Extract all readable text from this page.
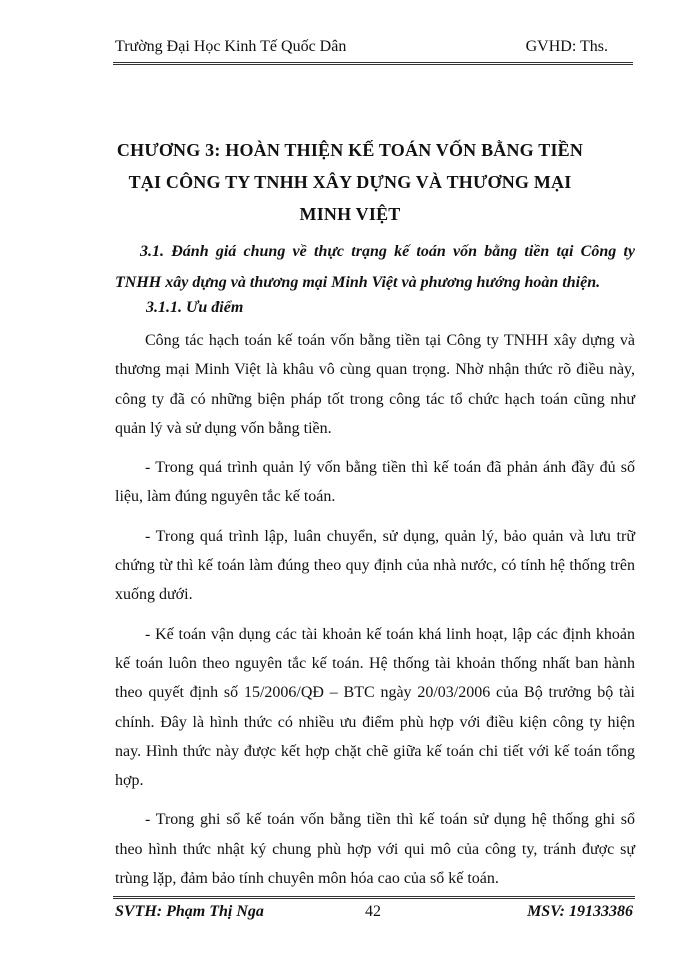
Trường Đại Học Kinh Tế Quốc Dân	GVHD: Ths.
CHƯƠNG 3: HOÀN THIỆN KẾ TOÁN VỐN BẰNG TIỀN
TẠI CÔNG TY TNHH XÂY DỰNG VÀ THƯƠNG MẠI
MINH VIỆT
3.1. Đánh giá chung về thực trạng kế toán vốn bằng tiền tại Công ty TNHH xây dựng và thương mại Minh Việt và phương hướng hoàn thiện.
3.1.1. Ưu điểm

Công tác hạch toán kế toán vốn bằng tiền tại Công ty TNHH xây dựng và thương mại Minh Việt là khâu vô cùng quan trọng. Nhờ nhận thức rõ điều này, công ty đã có những biện pháp tốt trong công tác tổ chức hạch toán cũng như quản lý và sử dụng vốn bằng tiền.

- Trong quá trình quản lý vốn bằng tiền thì kế toán đã phản ánh đầy đủ số liệu, làm đúng nguyên tắc kế toán.

- Trong quá trình lập, luân chuyển, sử dụng, quản lý, bảo quản và lưu trữ chứng từ thì kế toán làm đúng theo quy định của nhà nước, có tính hệ thống trên xuống dưới.

- Kế toán vận dụng các tài khoản kế toán khá linh hoạt, lập các định khoản kế toán luôn theo nguyên tắc kế toán. Hệ thống tài khoản thống nhất ban hành theo quyết định số 15/2006/QĐ – BTC ngày 20/03/2006 của Bộ trưởng bộ tài chính. Đây là hình thức có nhiều ưu điểm phù hợp với điều kiện công ty hiện nay. Hình thức này được kết hợp chặt chẽ giữa kế toán chi tiết với kế toán tổng hợp.

- Trong ghi sổ kế toán vốn bằng tiền thì kế toán sử dụng hệ thống ghi sổ theo hình thức nhật ký chung phù hợp với qui mô của công ty, tránh được sự trùng lặp, đảm bảo tính chuyên môn hóa cao của sổ kế toán.

SVTH: Phạm Thị Nga	42	MSV: 19133386
